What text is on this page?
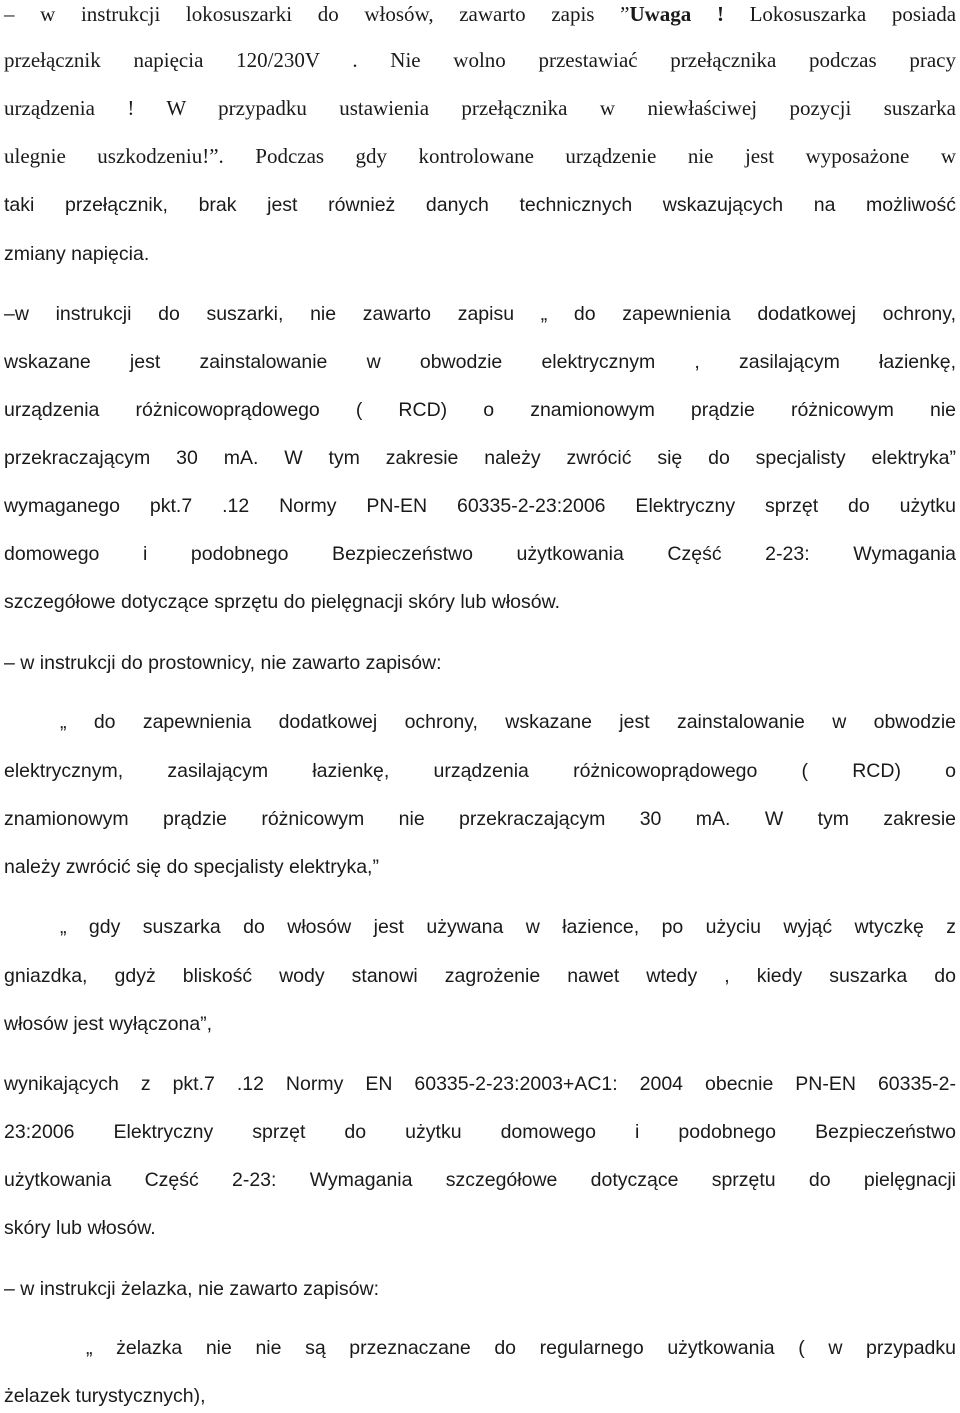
– w instrukcji lokosuszarki do włosów, zawarto zapis ”Uwaga ! Lokosuszarka posiada
przełącznik napięcia 120/230V . Nie wolno przestawiać przełącznika podczas pracy
urządzenia ! W przypadku ustawienia przełącznika w niewłaściwej pozycji suszarka
ulegnie uszkodzeniu!”. Podczas gdy kontrolowane urządzenie nie jest wyposażone w
taki przełącznik, brak jest również danych technicznych wskazujących na możliwość
zmiany napięcia.
–w instrukcji do suszarki, nie zawarto zapisu „ do zapewnienia dodatkowej ochrony,
wskazane jest zainstalowanie w obwodzie elektrycznym , zasilającym łazienkę,
urządzenia różnicowoprądowego ( RCD) o znamionowym prądzie różnicowym nie
przekraczającym 30 mA. W tym zakresie należy zwrócić się do specjalisty elektryka”
wymaganego pkt.7 .12 Normy PN-EN 60335-2-23:2006 Elektryczny sprzęt do użytku
domowego i podobnego Bezpieczeństwo użytkowania Część 2-23: Wymagania
szczegółowe dotyczące sprzętu do pielęgnacji skóry lub włosów.
– w instrukcji do prostownicy, nie zawarto zapisów:
„ do zapewnienia dodatkowej ochrony, wskazane jest zainstalowanie w obwodzie
elektrycznym, zasilającym łazienkę, urządzenia różnicowoprądowego ( RCD) o
znamionowym prądzie różnicowym nie przekraczającym 30 mA. W tym zakresie
należy zwrócić się do specjalisty elektryka,”
„ gdy suszarka do włosów jest używana w łazience, po użyciu wyjąć wtyczkę z
gniazdka, gdyż bliskość wody stanowi zagrożenie nawet wtedy , kiedy suszarka do
włosów jest wyłączona”,
wynikających z pkt.7 .12 Normy EN 60335-2-23:2003+AC1: 2004 obecnie PN-EN 60335-2-
23:2006 Elektryczny sprzęt do użytku domowego i podobnego Bezpieczeństwo
użytkowania Część 2-23: Wymagania szczegółowe dotyczące sprzętu do pielęgnacji
skóry lub włosów.
– w instrukcji żelazka, nie zawarto zapisów:
„ żelazka nie nie są przeznaczane do regularnego użytkowania ( w przypadku
żelazek turystycznych),
